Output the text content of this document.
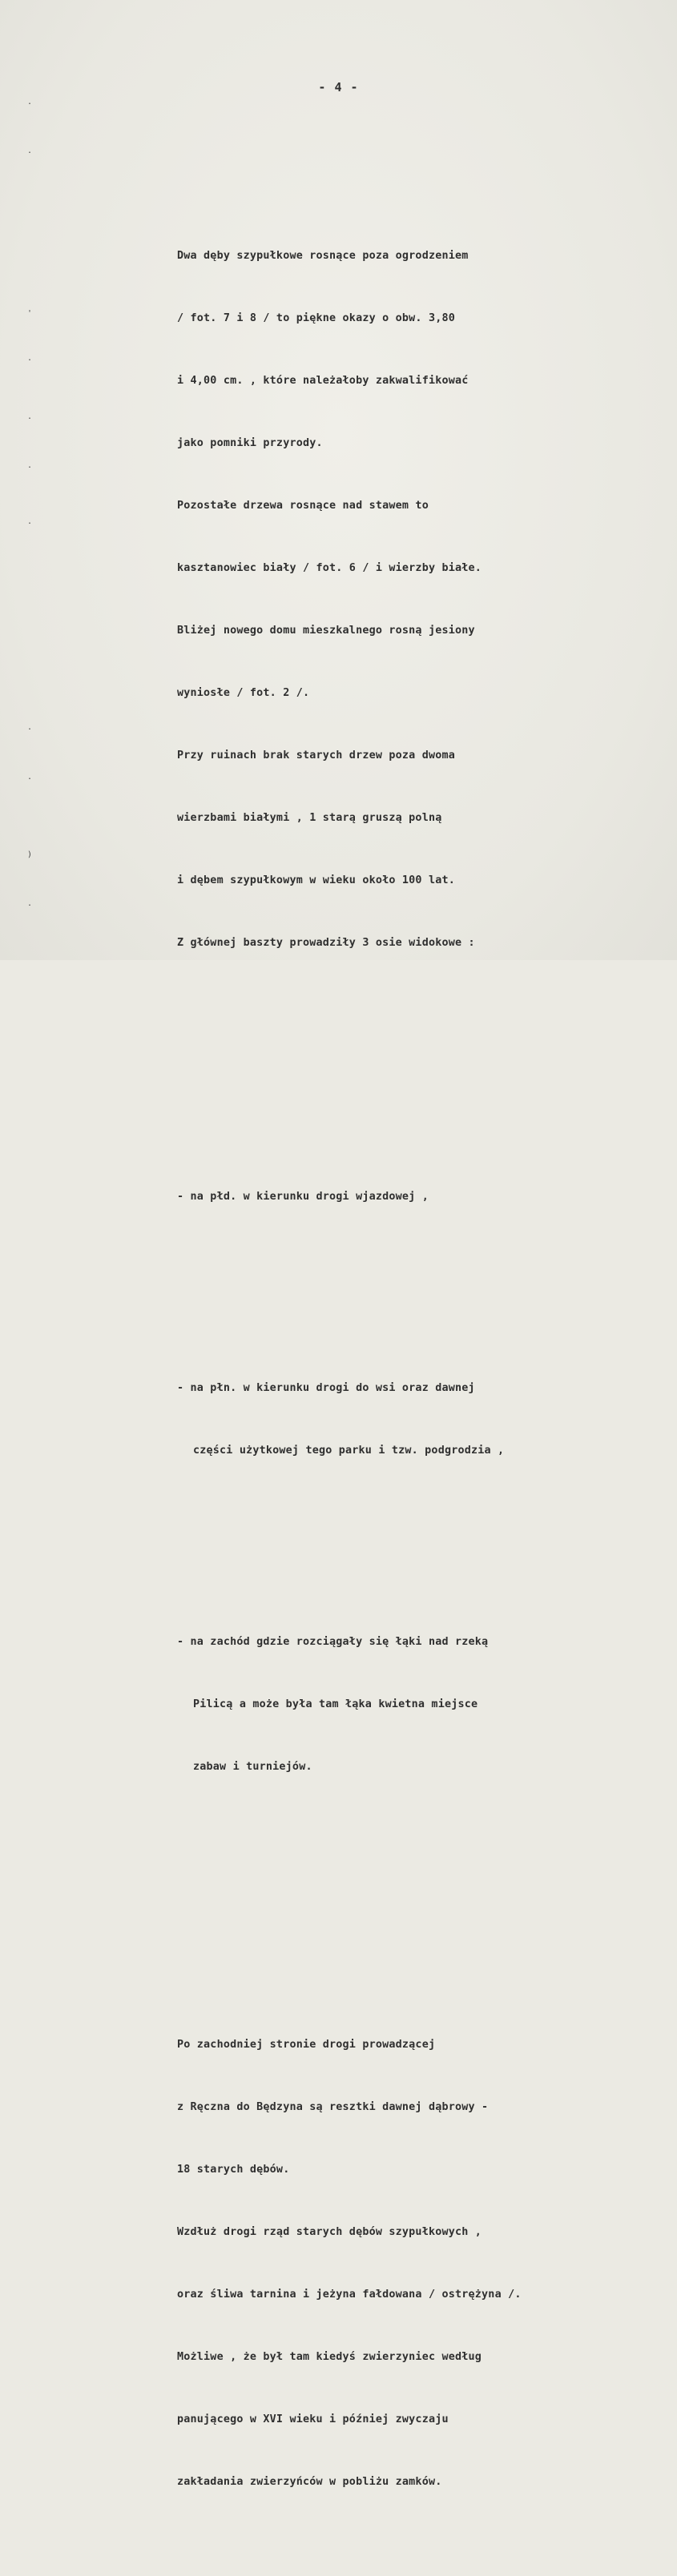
.
.
'
.
.
.
.
.
.
)
.
- 4 -

Dwa dęby szypułkowe rosnące poza ogrodzeniem

/ fot. 7 i 8 / to piękne okazy o obw. 3,80

i 4,00 cm. , które należałoby zakwalifikować

jako pomniki przyrody.

Pozostałe drzewa rosnące nad stawem to

kasztanowiec biały / fot. 6 / i wierzby białe.

Bliżej nowego domu mieszkalnego rosną jesiony

wyniosłe / fot. 2 /.

Przy ruinach brak starych drzew poza dwoma

wierzbami białymi , 1 starą gruszą polną

i dębem szypułkowym w wieku około 100 lat.

Z głównej baszty prowadziły 3 osie widokowe :

- na płd. w kierunku drogi wjazdowej ,

- na płn. w kierunku drogi do wsi oraz dawnej

części użytkowej tego parku i tzw. podgrodzia ,

- na zachód gdzie rozciągały się łąki nad rzeką

Pilicą a może była tam łąka kwietna miejsce

zabaw i turniejów.

Po zachodniej stronie drogi prowadzącej

z Ręczna do Będzyna są resztki dawnej dąbrowy -

18 starych dębów.

Wzdłuż drogi rząd starych dębów szypułkowych ,

oraz śliwa tarnina i jeżyna fałdowana / ostrężyna /.

Możliwe , że był tam kiedyś zwierzyniec według

panującego w XVI wieku i później zwyczaju

zakładania zwierzyńców w pobliżu zamków.
